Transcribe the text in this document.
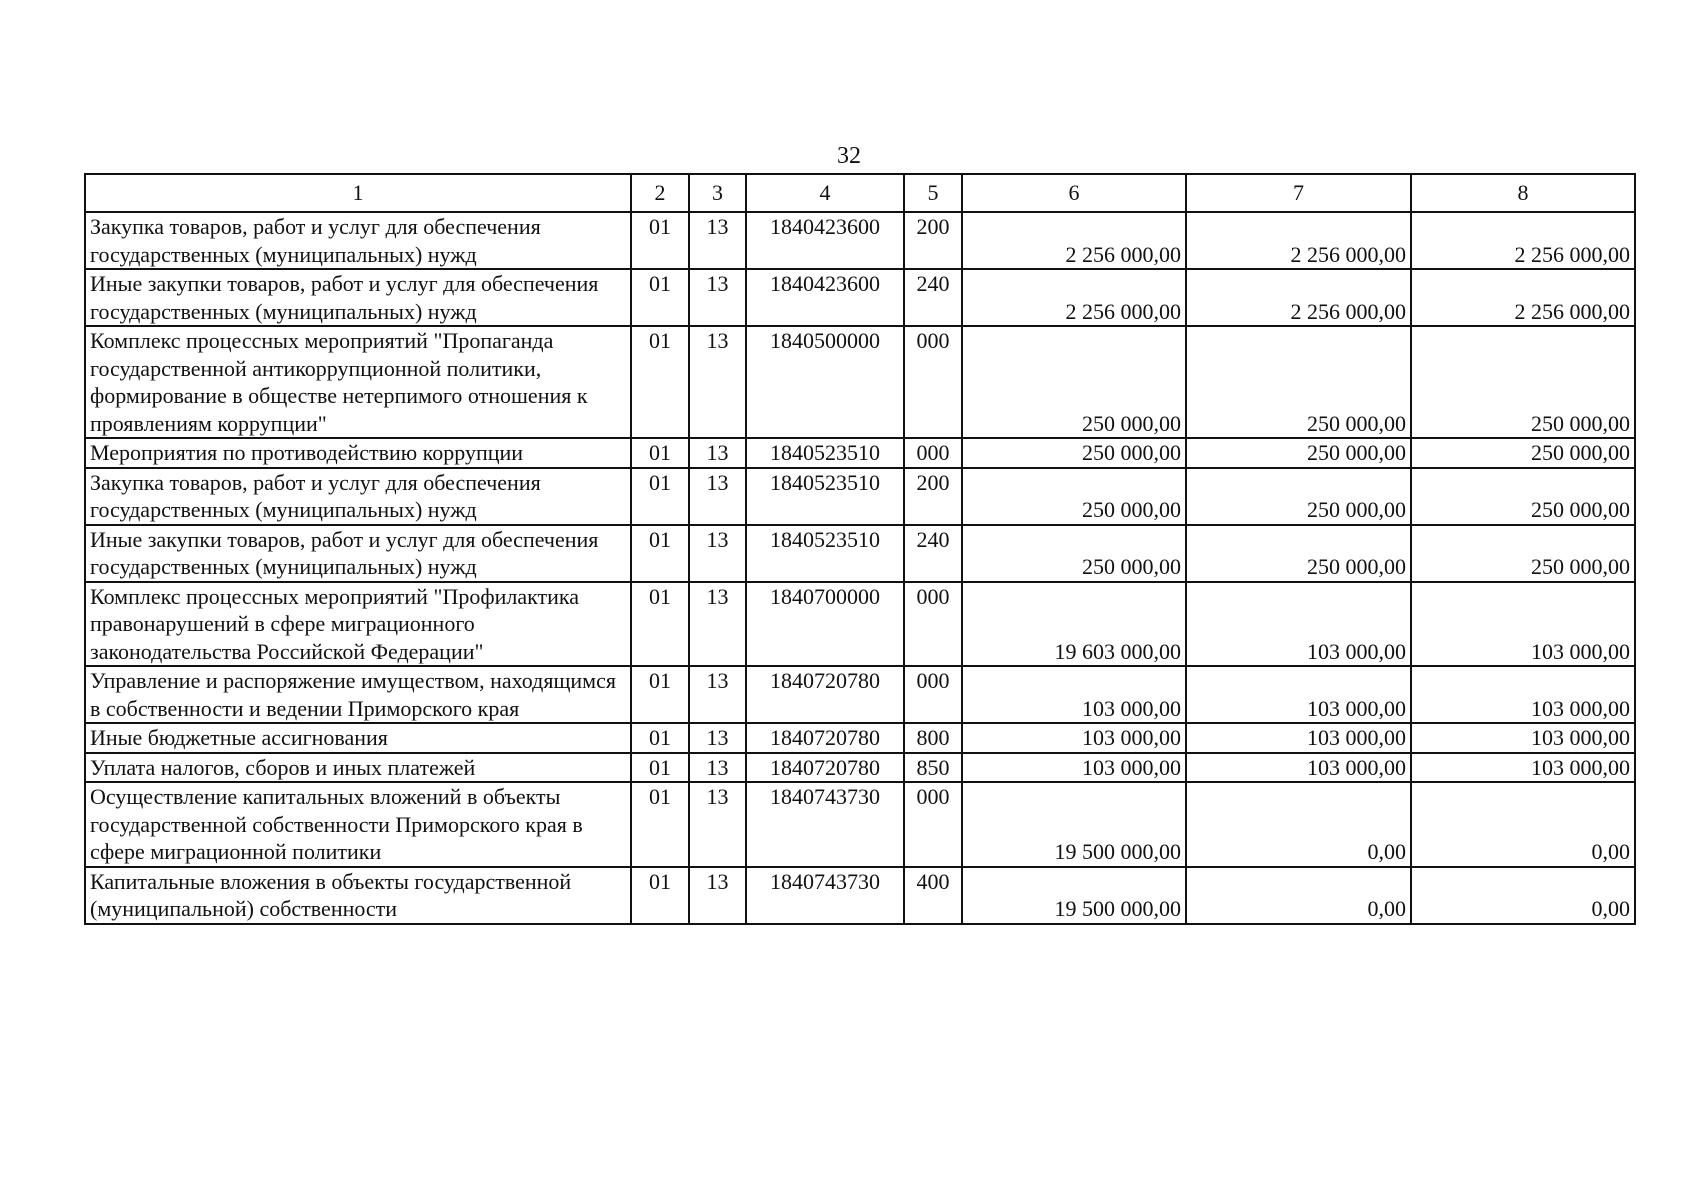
32
1	2	3	4	5	6	7	8
Закупка товаров, работ и услуг для обеспечения государственных (муниципальных) нужд	01	13	1840423600	200	2 256 000,00	2 256 000,00	2 256 000,00
Иные закупки товаров, работ и услуг для обеспечения государственных (муниципальных) нужд	01	13	1840423600	240	2 256 000,00	2 256 000,00	2 256 000,00
Комплекс процессных мероприятий "Пропаганда государственной антикоррупционной политики, формирование в обществе нетерпимого отношения к проявлениям коррупции"	01	13	1840500000	000	250 000,00	250 000,00	250 000,00
Мероприятия по противодействию коррупции	01	13	1840523510	000	250 000,00	250 000,00	250 000,00
Закупка товаров, работ и услуг для обеспечения государственных (муниципальных) нужд	01	13	1840523510	200	250 000,00	250 000,00	250 000,00
Иные закупки товаров, работ и услуг для обеспечения государственных (муниципальных) нужд	01	13	1840523510	240	250 000,00	250 000,00	250 000,00
Комплекс процессных мероприятий "Профилактика правонарушений в сфере миграционного законодательства Российской Федерации"	01	13	1840700000	000	19 603 000,00	103 000,00	103 000,00
Управление и распоряжение имуществом, находящимся в собственности и ведении Приморского края	01	13	1840720780	000	103 000,00	103 000,00	103 000,00
Иные бюджетные ассигнования	01	13	1840720780	800	103 000,00	103 000,00	103 000,00
Уплата налогов, сборов и иных платежей	01	13	1840720780	850	103 000,00	103 000,00	103 000,00
Осуществление капитальных вложений в объекты государственной собственности Приморского края в сфере миграционной политики	01	13	1840743730	000	19 500 000,00	0,00	0,00
Капитальные вложения в объекты государственной (муниципальной) собственности	01	13	1840743730	400	19 500 000,00	0,00	0,00
